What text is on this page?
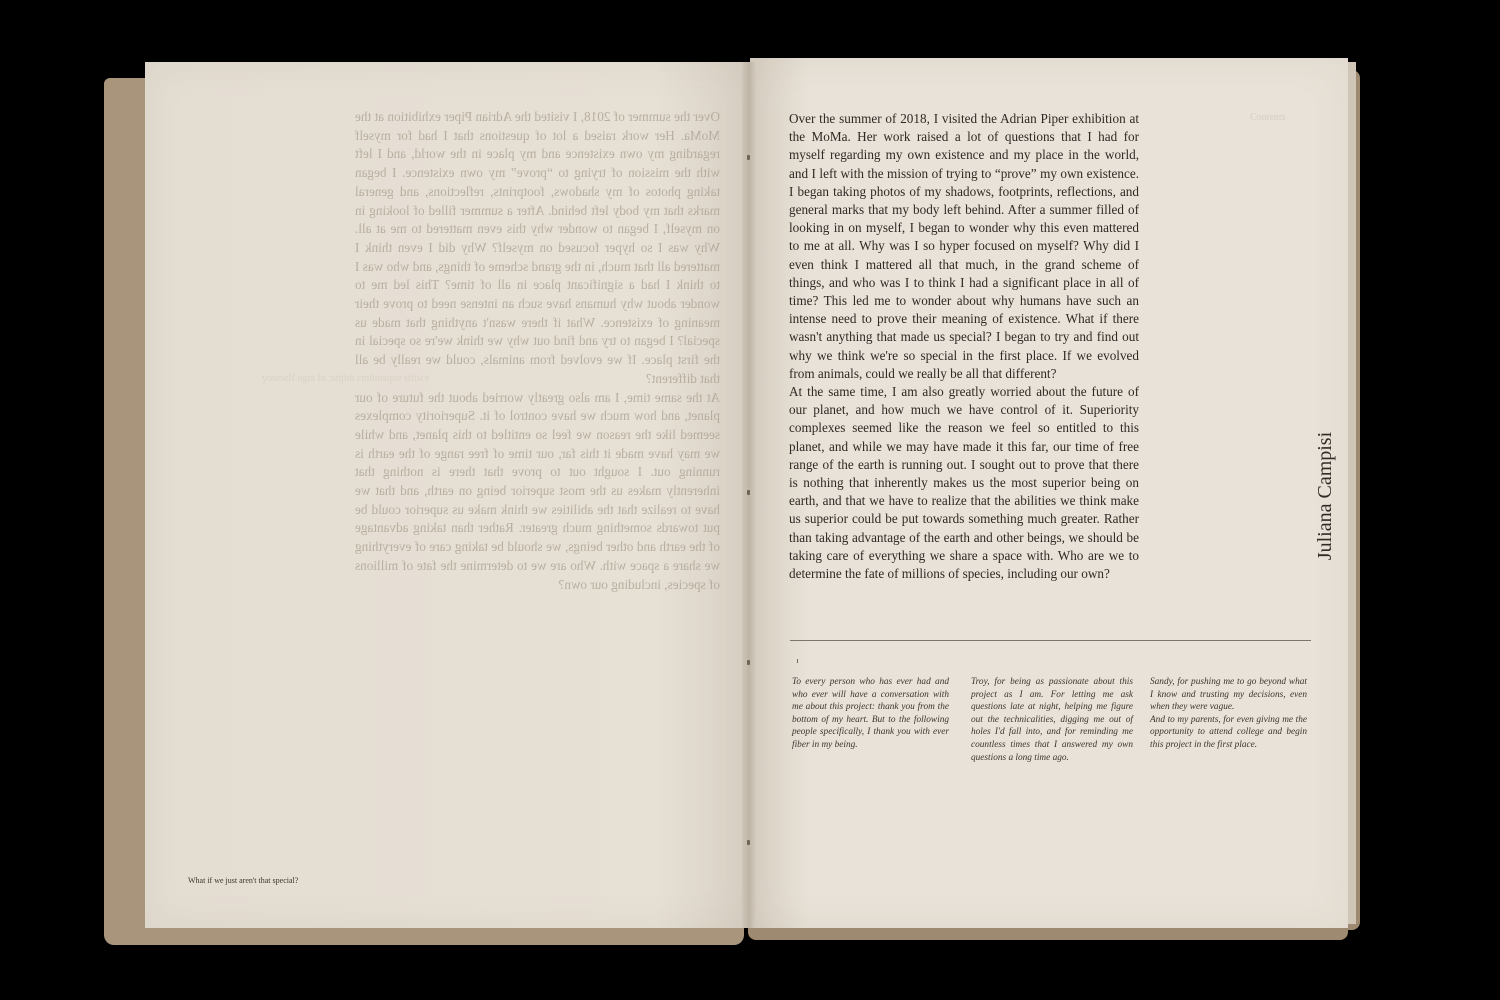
Over the summer of 2018, I visited the Adrian Piper exhibition at the MoMa. Her work raised a lot of questions that I had for myself regarding my own existence and my place in the world, and I left with the mission of trying to “prove” my own existence. I began taking photos of my shadows, footprints, reflections, and general marks that my body left behind. After a summer filled of looking in on myself, I began to wonder why this even mattered to me at all. Why was I so hyper focused on myself? Why did I even think I mattered all that much, in the grand scheme of things, and who was I to think I had a significant place in all of time? This led me to wonder about why humans have such an intense need to prove their meaning of existence. What if there wasn't anything that made us special? I began to try and find out why we think we're so special in the first place. If we evolved from animals, could we really be all that different?

At the same time, I am also greatly worried about the future of our planet, and how much we have control of it. Superiority complexes seemed like the reason we feel so entitled to this planet, and while we may have made it this far, our time of free range of the earth is running out. I sought out to prove that there is nothing that inherently makes us the most superior being on earth, and that we have to realize that the abilities we think make us superior could be put towards something much greater. Rather than taking advantage of the earth and other beings, we should be taking care of everything we share a space with. Who are we to determine the fate of millions of species, including our own?

yourself ogni fo ;srtjidi cmiltoaque sftisce

Over the summer of 2018, I visited the Adrian Piper exhibition at the MoMa. Her work raised a lot of questions that I had for myself regarding my own existence and my place in the world, and I left with the mission of trying to “prove” my own existence. I began taking photos of my shadows, footprints, reflections, and general marks that my body left behind. After a summer filled of looking in on myself, I began to wonder why this even mattered to me at all. Why was I so hyper focused on myself? Why did I even think I mattered all that much, in the grand scheme of things, and who was I to think I had a significant place in all of time? This led me to wonder about why humans have such an intense need to prove their meaning of existence. What if there wasn't anything that made us special? I began to try and find out why we think we're so special in the first place. If we evolved from animals, could we really be all that different?

At the same time, I am also greatly worried about the future of our planet, and how much we have control of it. Superiority complexes seemed like the reason we feel so entitled to this planet, and while we may have made it this far, our time of free range of the earth is running out. I sought out to prove that there is nothing that inherently makes us the most superior being on earth, and that we have to realize that the abilities we think make us superior could be put towards something much greater. Rather than taking advantage of the earth and other beings, we should be taking care of everything we share a space with. Who are we to determine the fate of millions of species, including our own?

Contents
Juliana Campisi

To every person who has ever had and who ever will have a conversation with me about this project: thank you from the bottom of my heart. But to the following people specifically, I thank you with ever fiber in my being.

Troy, for being as passionate about this project as I am. For letting me ask questions late at night, helping me figure out the technicalities, digging me out of holes I'd fall into, and for reminding me countless times that I answered my own questions a long time ago.

Sandy, for pushing me to go beyond what I know and trusting my decisions, even when they were vague.

And to my parents, for even giving me the opportunity to attend college and begin this project in the first place.

What if we just aren't that special?
